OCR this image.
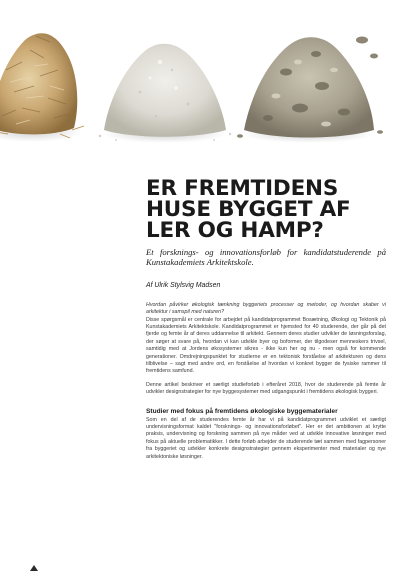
ER FREMTIDENS
HUSE BYGGET AF
LER OG HAMP?

Et forsknings- og innovationsforløb for kandidatstuderende på Kunstakademiets Arkitektskole.

Af Ulrik Stylsvig Madsen

Hvordan påvirker økologisk tænkning byggeriets processer og metoder, og hvordan skaber vi arkitektur i samspil med naturen?

Disse spørgsmål er centrale for arbejdet på kandidatprogrammet Bosætning, Økologi og Tektonik på Kunstakademiets Arkitektskole. Kandidatprogrammet er hjemsted for 40 studerende, der går på det fjerde og femte år af deres uddannelse til arkitekt. Gennem deres studier udvikler de løsningsforslag, der søger at svare på, hvordan vi kan udvikle byer og boformer, der tilgodeser menneskers trivsel, samtidig med at Jordens økosystemer sikres - ikke kun her og nu - men også for kommende generationer. Omdrejningspunktet for studierne er en tektonisk forståelse af arkitekturen og dens tilblivelse – sagt med andre ord, en forståelse af hvordan vi konkret bygger de fysiske rammer til fremtidens samfund.

Denne artikel beskriver et særligt studieforløb i efteråret 2018, hvor de studerende på femte år udvikler designstrategier for nye byggesystemer med udgangspunkt i fremtidens økologisk byggeri.

Studier med fokus på fremtidens økologiske byggematerialer

Som en del af de studerendes femte år har vi på kandidatprogrammet udviklet et særligt undervisningsformat kaldet "forsknings- og innovationsforløbet". Her er det ambitionen at krytte praksis, undervisning og forskning sammen på nye måder ved at udvikle innovative løsninger med fokus på aktuelle problematikker. I dette forløb arbejder de studerende tæt sammen med fagpersoner fra byggeriet og udvikler konkrete designstrategier gennem eksperimenter med materialer og nye arkitektoniske løsninger.
